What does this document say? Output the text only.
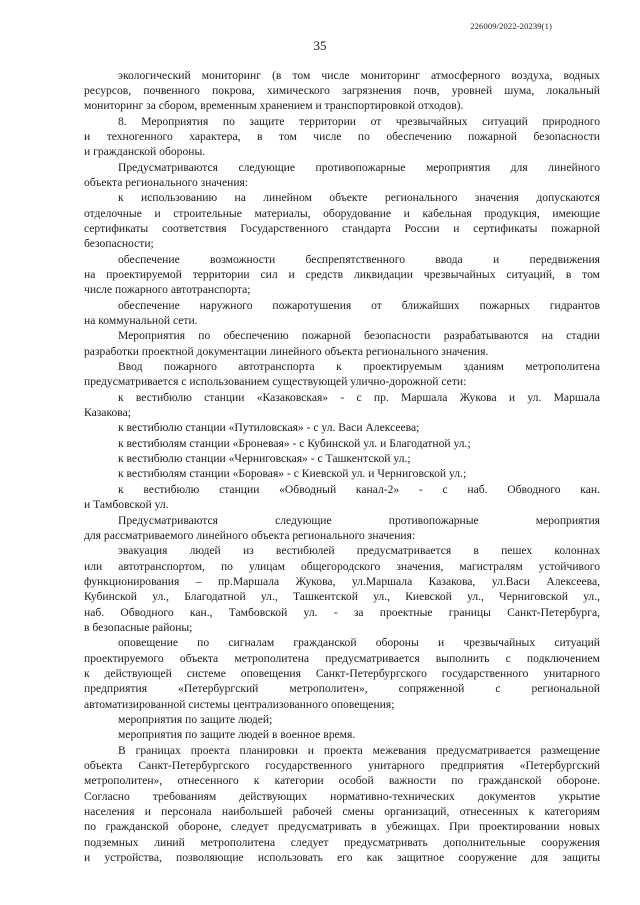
226009/2022-20239(1)
35
экологический мониторинг (в том числе мониторинг атмосферного воздуха, водных
ресурсов, почвенного покрова, химического загрязнения почв, уровней шума, локальный
мониторинг за сбором, временным хранением и транспортировкой отходов).
8. Мероприятия по защите территории от чрезвычайных ситуаций природного
и техногенного характера, в том числе по обеспечению пожарной безопасности
и гражданской обороны.
Предусматриваются следующие противопожарные мероприятия для линейного
объекта регионального значения:
к использованию на линейном объекте регионального значения допускаются
отделочные и строительные материалы, оборудование и кабельная продукция, имеющие
сертификаты соответствия Государственного стандарта России и сертификаты пожарной
безопасности;
обеспечение возможности беспрепятственного ввода и передвижения
на проектируемой территории сил и средств ликвидации чрезвычайных ситуаций, в том
числе пожарного автотранспорта;
обеспечение наружного пожаротушения от ближайших пожарных гидрантов
на коммунальной сети.
Мероприятия по обеспечению пожарной безопасности разрабатываются на стадии
разработки проектной документации линейного объекта регионального значения.
Ввод пожарного автотранспорта к проектируемым зданиям метрополитена
предусматривается с использованием существующей улично-дорожной сети:
к вестибюлю станции «Казаковская» - с пр. Маршала Жукова и ул. Маршала
Казакова;
к вестибюлю станции «Путиловская» - с ул. Васи Алексеева;
к вестибюлям станции «Броневая» - с Кубинской ул. и Благодатной ул.;
к вестибюлю станции «Черниговская» - с Ташкентской ул.;
к вестибюлям станции «Боровая» - с Киевской ул. и Черниговской ул.;
к вестибюлю станции «Обводный канал-2» - с наб. Обводного кан.
и Тамбовской ул.
Предусматриваются следующие противопожарные мероприятия
для рассматриваемого линейного объекта регионального значения:
эвакуация людей из вестибюлей предусматривается в пешех колоннах
или автотранспортом, по улицам общегородского значения, магистралям устойчивого
функционирования – пр.Маршала Жукова, ул.Маршала Казакова, ул.Васи Алексеева,
Кубинской ул., Благодатной ул., Ташкентской ул., Киевской ул., Черниговской ул.,
наб. Обводного кан., Тамбовской ул. - за проектные границы Санкт-Петербурга,
в безопасные районы;
оповещение по сигналам гражданской обороны и чрезвычайных ситуаций
проектируемого объекта метрополитена предусматривается выполнить с подключением
к действующей системе оповещения Санкт-Петербургского государственного унитарного
предприятия «Петербургский метрополитен», сопряженной с региональной
автоматизированной системы централизованного оповещения;
мероприятия по защите людей;
мероприятия по защите людей в военное время.
В границах проекта планировки и проекта межевания предусматривается размещение
объекта Санкт-Петербургского государственного унитарного предприятия «Петербургский
метрополитен», отнесенного к категории особой важности по гражданской обороне.
Согласно требованиям действующих нормативно-технических документов укрытие
населения и персонала наибольшей рабочей смены организаций, отнесенных к категориям
по гражданской обороне, следует предусматривать в убежищах. При проектировании новых
подземных линий метрополитена следует предусматривать дополнительные сооружения
и устройства, позволяющие использовать его как защитное сооружение для защиты
